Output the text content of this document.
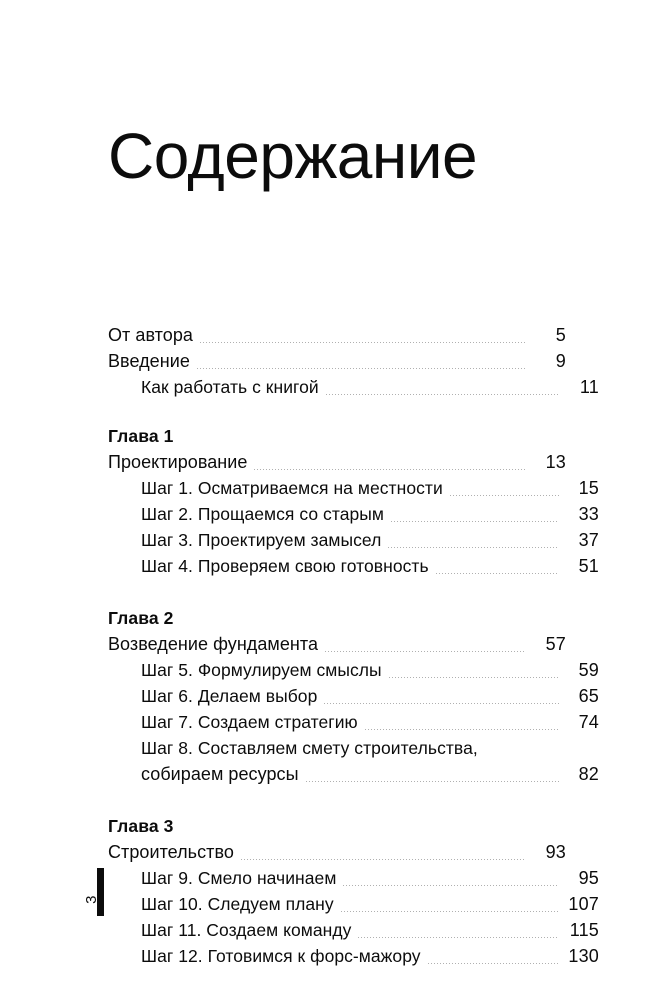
Содержание
От автора	5
Введение	9
Как работать с книгой	11
Глава 1
Проектирование	13
Шаг 1. Осматриваемся на местности	15
Шаг 2. Прощаемся со старым	33
Шаг 3. Проектируем замысел	37
Шаг 4. Проверяем свою готовность	51
Глава 2
Возведение фундамента	57
Шаг 5. Формулируем смыслы	59
Шаг 6. Делаем выбор	65
Шаг 7. Создаем стратегию	74
Шаг 8. Составляем смету строительства,
собираем ресурсы	82
Глава 3
Строительство	93
Шаг 9. Смело начинаем	95
Шаг 10. Следуем плану	107
Шаг 11. Создаем команду	115
Шаг 12. Готовимся к форс-мажору	130
3
